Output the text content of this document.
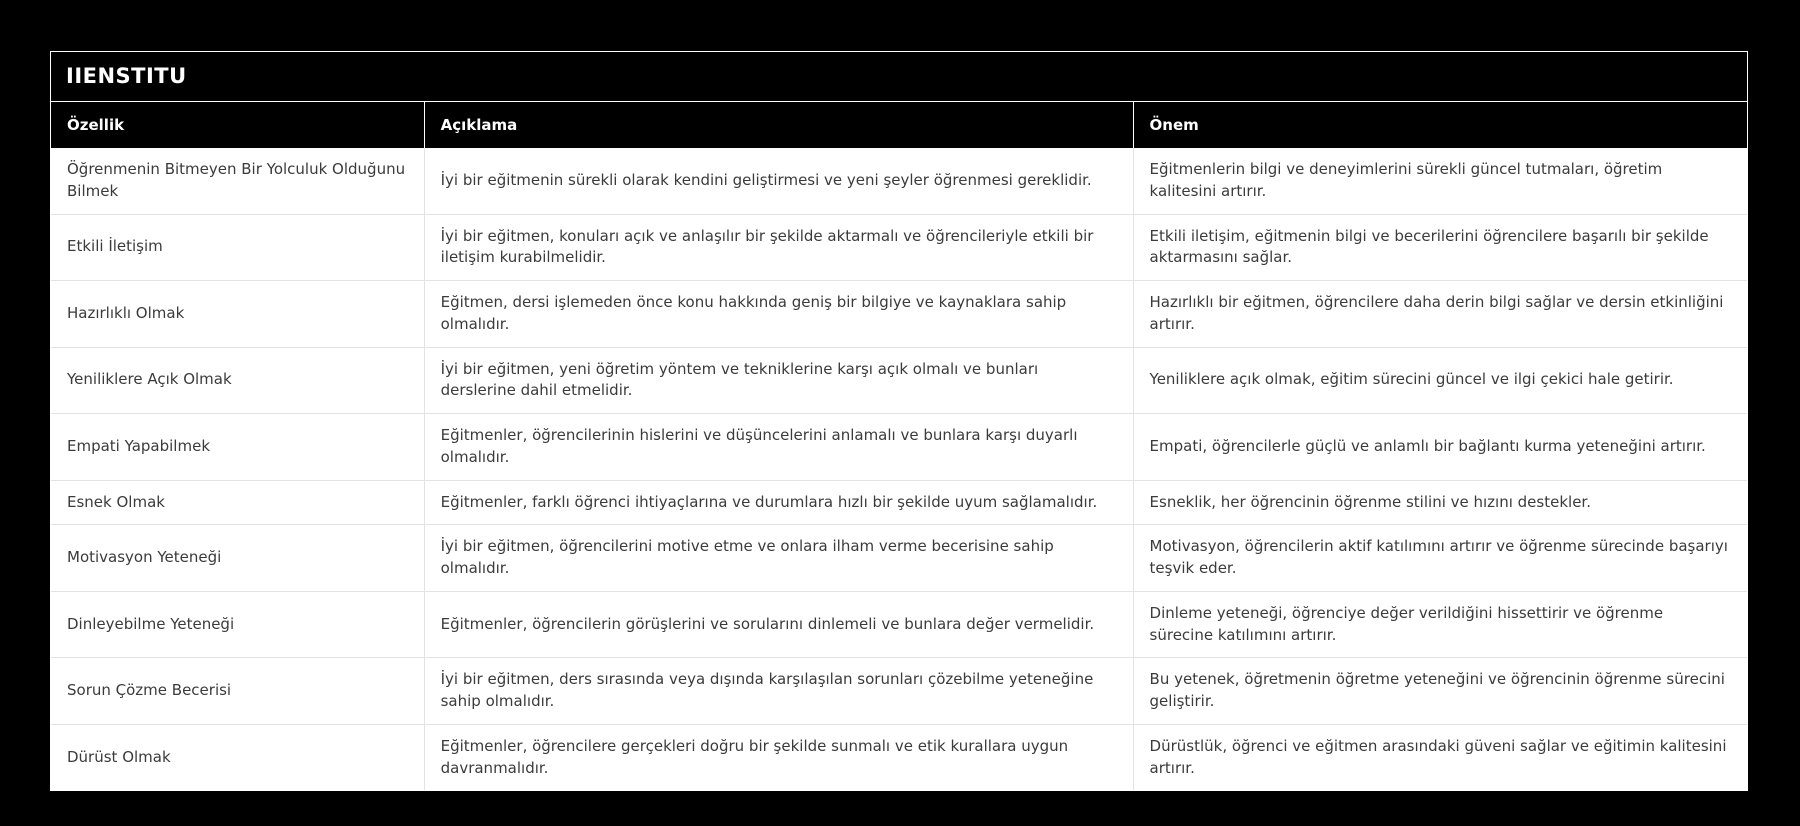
IIENSTITU
Özellik	Açıklama	Önem
Öğrenmenin Bitmeyen Bir Yolculuk Olduğunu Bilmek	İyi bir eğitmenin sürekli olarak kendini geliştirmesi ve yeni şeyler öğrenmesi gereklidir.	Eğitmenlerin bilgi ve deneyimlerini sürekli güncel tutmaları, öğretim kalitesini artırır.
Etkili İletişim	İyi bir eğitmen, konuları açık ve anlaşılır bir şekilde aktarmalı ve öğrencileriyle etkili bir iletişim kurabilmelidir.	Etkili iletişim, eğitmenin bilgi ve becerilerini öğrencilere başarılı bir şekilde aktarmasını sağlar.
Hazırlıklı Olmak	Eğitmen, dersi işlemeden önce konu hakkında geniş bir bilgiye ve kaynaklara sahip olmalıdır.	Hazırlıklı bir eğitmen, öğrencilere daha derin bilgi sağlar ve dersin etkinliğini artırır.
Yeniliklere Açık Olmak	İyi bir eğitmen, yeni öğretim yöntem ve tekniklerine karşı açık olmalı ve bunları derslerine dahil etmelidir.	Yeniliklere açık olmak, eğitim sürecini güncel ve ilgi çekici hale getirir.
Empati Yapabilmek	Eğitmenler, öğrencilerinin hislerini ve düşüncelerini anlamalı ve bunlara karşı duyarlı olmalıdır.	Empati, öğrencilerle güçlü ve anlamlı bir bağlantı kurma yeteneğini artırır.
Esnek Olmak	Eğitmenler, farklı öğrenci ihtiyaçlarına ve durumlara hızlı bir şekilde uyum sağlamalıdır.	Esneklik, her öğrencinin öğrenme stilini ve hızını destekler.
Motivasyon Yeteneği	İyi bir eğitmen, öğrencilerini motive etme ve onlara ilham verme becerisine sahip olmalıdır.	Motivasyon, öğrencilerin aktif katılımını artırır ve öğrenme sürecinde başarıyı teşvik eder.
Dinleyebilme Yeteneği	Eğitmenler, öğrencilerin görüşlerini ve sorularını dinlemeli ve bunlara değer vermelidir.	Dinleme yeteneği, öğrenciye değer verildiğini hissettirir ve öğrenme sürecine katılımını artırır.
Sorun Çözme Becerisi	İyi bir eğitmen, ders sırasında veya dışında karşılaşılan sorunları çözebilme yeteneğine sahip olmalıdır.	Bu yetenek, öğretmenin öğretme yeteneğini ve öğrencinin öğrenme sürecini geliştirir.
Dürüst Olmak	Eğitmenler, öğrencilere gerçekleri doğru bir şekilde sunmalı ve etik kurallara uygun davranmalıdır.	Dürüstlük, öğrenci ve eğitmen arasındaki güveni sağlar ve eğitimin kalitesini artırır.
